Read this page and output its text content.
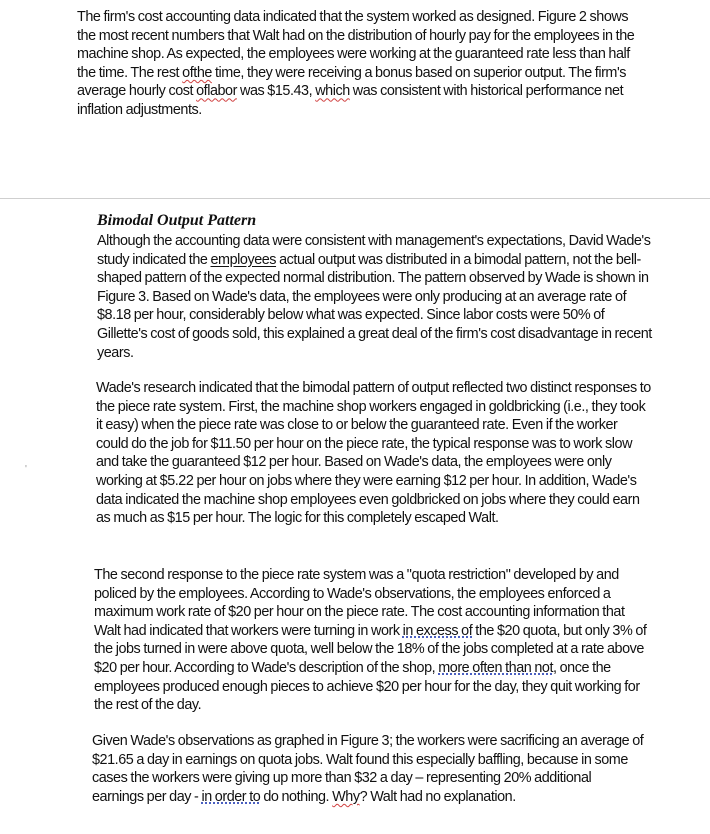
The firm's cost accounting data indicated that the system worked as designed. Figure 2 shows the most recent numbers that Walt had on the distribution of hourly pay for the employees in the machine shop. As expected, the employees were working at the guaranteed rate less than half the time. The rest ofthe time, they were receiving a bonus based on superior output. The firm's average hourly cost oflabor was $15.43, which was consistent with historical performance net inflation adjustments.

Bimodal Output Pattern

Although the accounting data were consistent with management's expectations, David Wade's study indicated the employees actual output was distributed in a bimodal pattern, not the bell-shaped pattern of the expected normal distribution. The pattern observed by Wade is shown in Figure 3. Based on Wade's data, the employees were only producing at an average rate of $8.18 per hour, considerably below what was expected. Since labor costs were 50% of Gillette's cost of goods sold, this explained a great deal of the firm's cost disadvantage in recent years.

Wade's research indicated that the bimodal pattern of output reflected two distinct responses to the piece rate system. First, the machine shop workers engaged in goldbricking (i.e., they took it easy) when the piece rate was close to or below the guaranteed rate. Even if the worker could do the job for $11.50 per hour on the piece rate, the typical response was to work slow and take the guaranteed $12 per hour. Based on Wade's data, the employees were only working at $5.22 per hour on jobs where they were earning $12 per hour. In addition, Wade's data indicated the machine shop employees even goldbricked on jobs where they could earn as much as $15 per hour. The logic for this completely escaped Walt.

The second response to the piece rate system was a "quota restriction" developed by and policed by the employees. According to Wade's observations, the employees enforced a maximum work rate of $20 per hour on the piece rate. The cost accounting information that Walt had indicated that workers were turning in work in excess of the $20 quota, but only 3% of the jobs turned in were above quota, well below the 18% of the jobs completed at a rate above $20 per hour. According to Wade's description of the shop, more often than not, once the employees produced enough pieces to achieve $20 per hour for the day, they quit working for the rest of the day.

Given Wade's observations as graphed in Figure 3; the workers were sacrificing an average of $21.65 a day in earnings on quota jobs. Walt found this especially baffling, because in some cases the workers were giving up more than $32 a day – representing 20% additional earnings per day - in order to do nothing. Why? Walt had no explanation.

'
